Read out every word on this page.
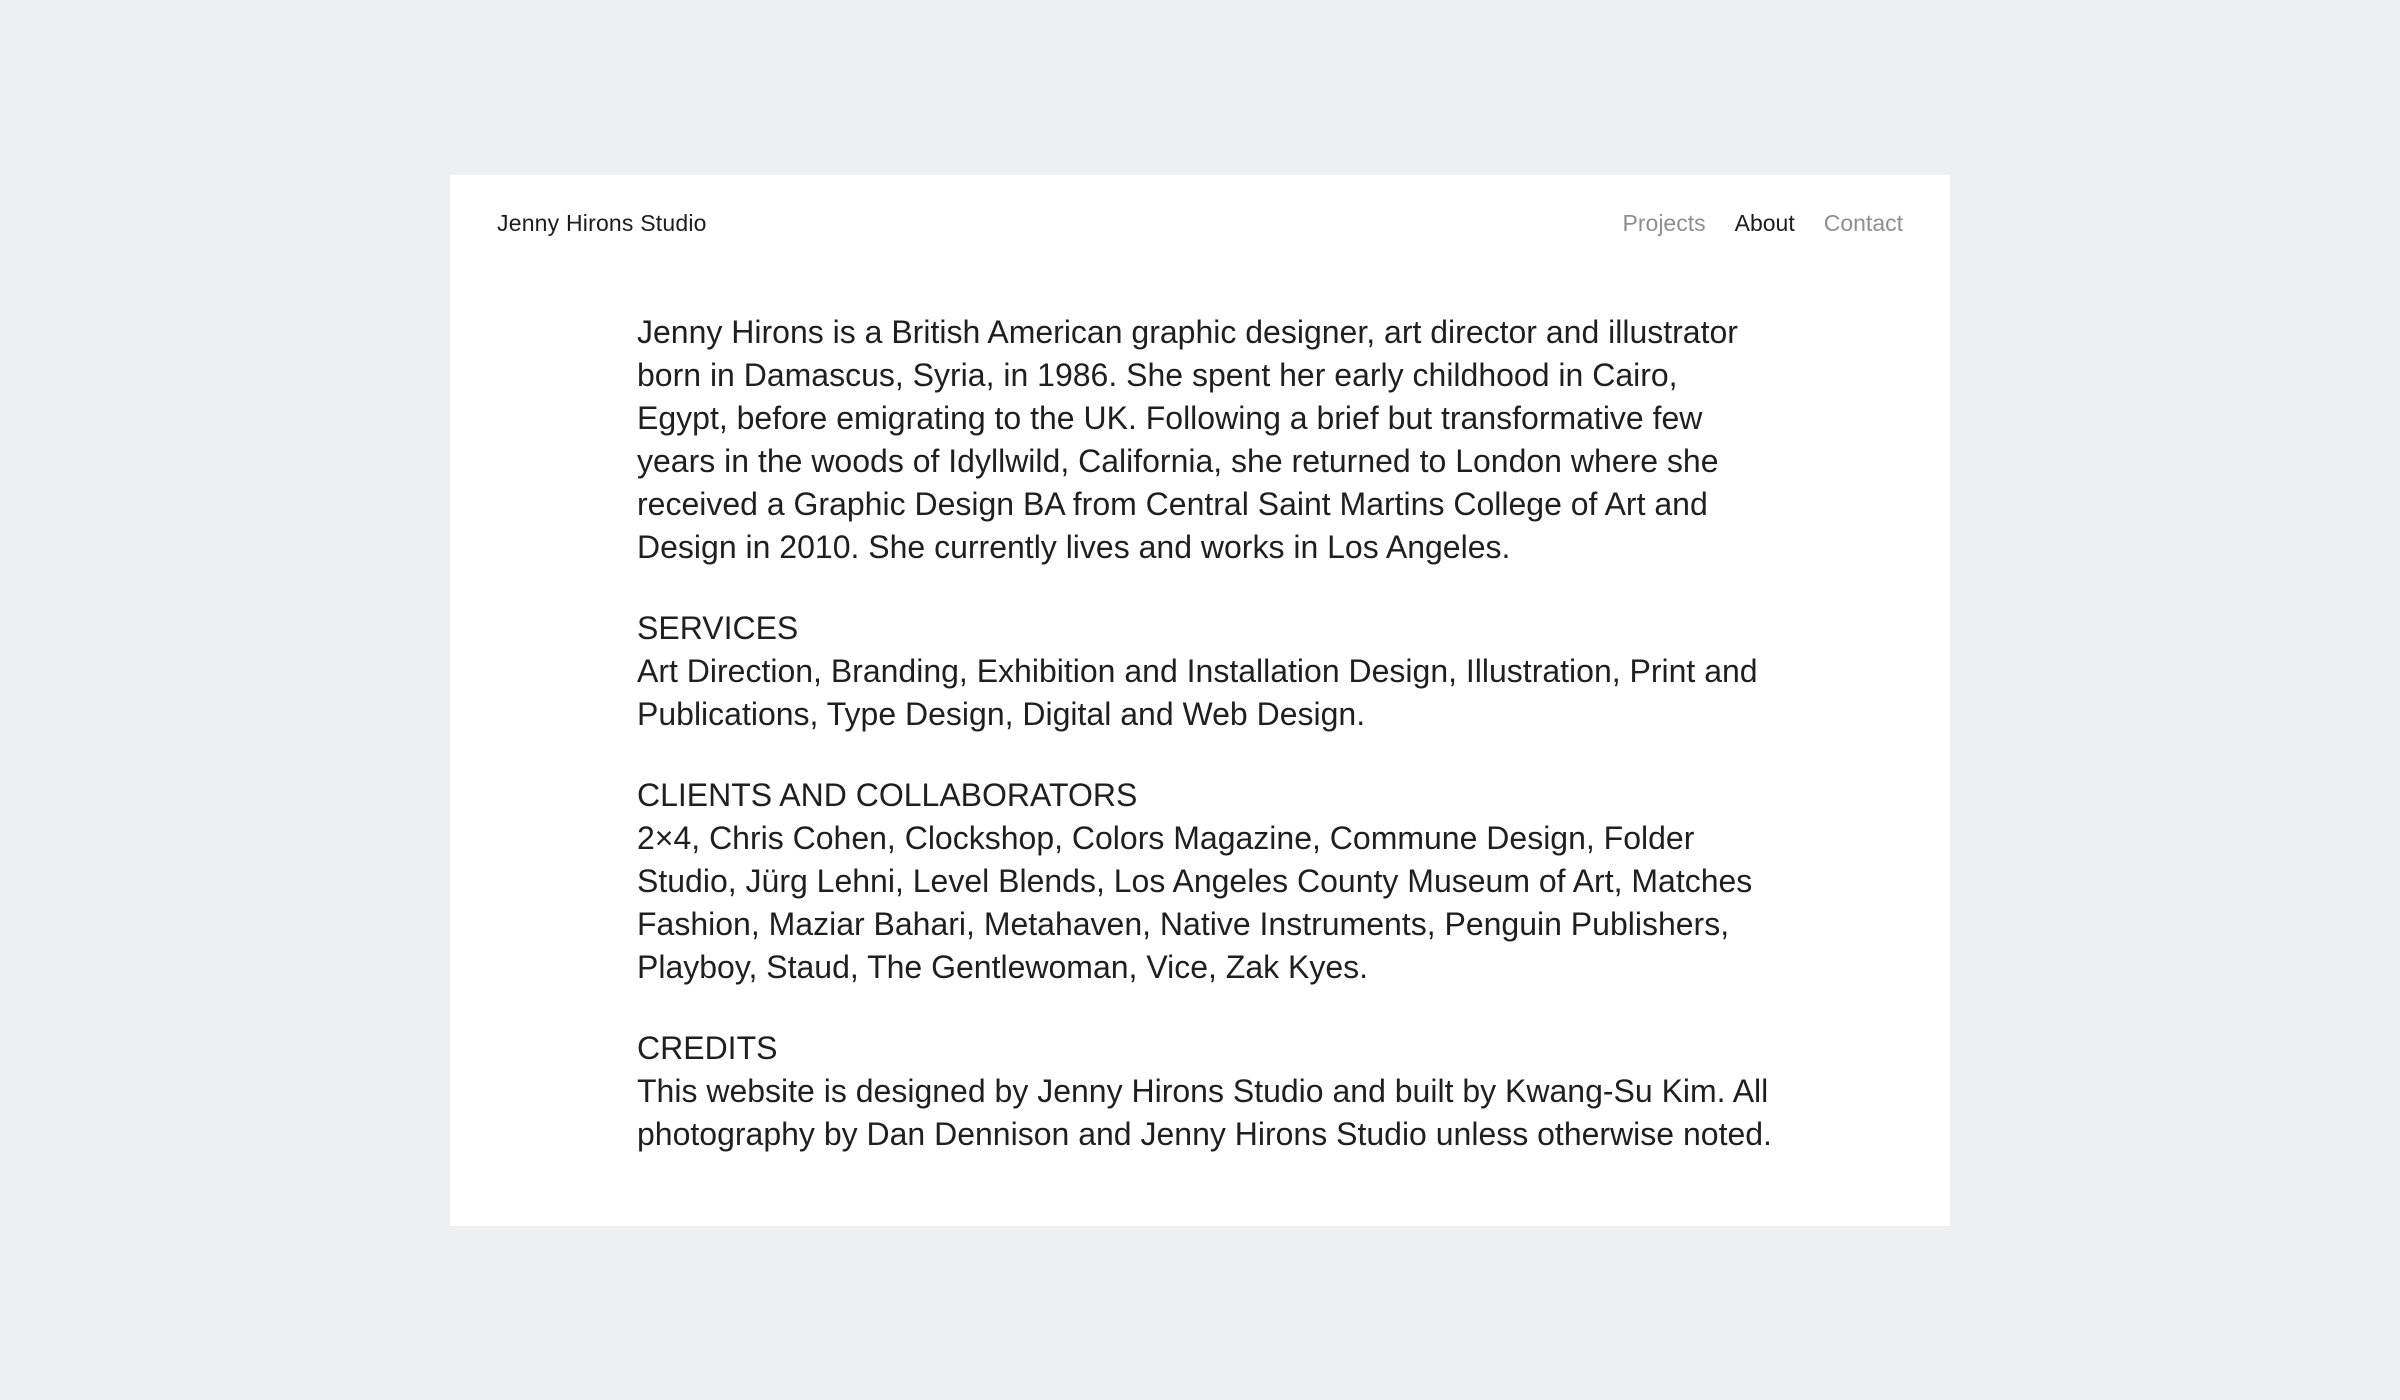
Jenny Hirons Studio	Projects About Contact

Jenny Hirons is a British American graphic designer, art director and illustrator born in Damascus, Syria, in 1986. She spent her early childhood in Cairo, Egypt, before emigrating to the UK. Following a brief but transformative few years in the woods of Idyllwild, California, she returned to London where she received a Graphic Design BA from Central Saint Martins College of Art and Design in 2010. She currently lives and works in Los Angeles.

SERVICES
Art Direction, Branding, Exhibition and Installation Design, Illustration, Print and Publications, Type Design, Digital and Web Design.

CLIENTS AND COLLABORATORS
2×4, Chris Cohen, Clockshop, Colors Magazine, Commune Design, Folder Studio, Jürg Lehni, Level Blends, Los Angeles County Museum of Art, Matches Fashion, Maziar Bahari, Metahaven, Native Instruments, Penguin Publishers, Playboy, Staud, The Gentlewoman, Vice, Zak Kyes.

CREDITS
This website is designed by Jenny Hirons Studio and built by Kwang-Su Kim. All photography by Dan Dennison and Jenny Hirons Studio unless otherwise noted.
